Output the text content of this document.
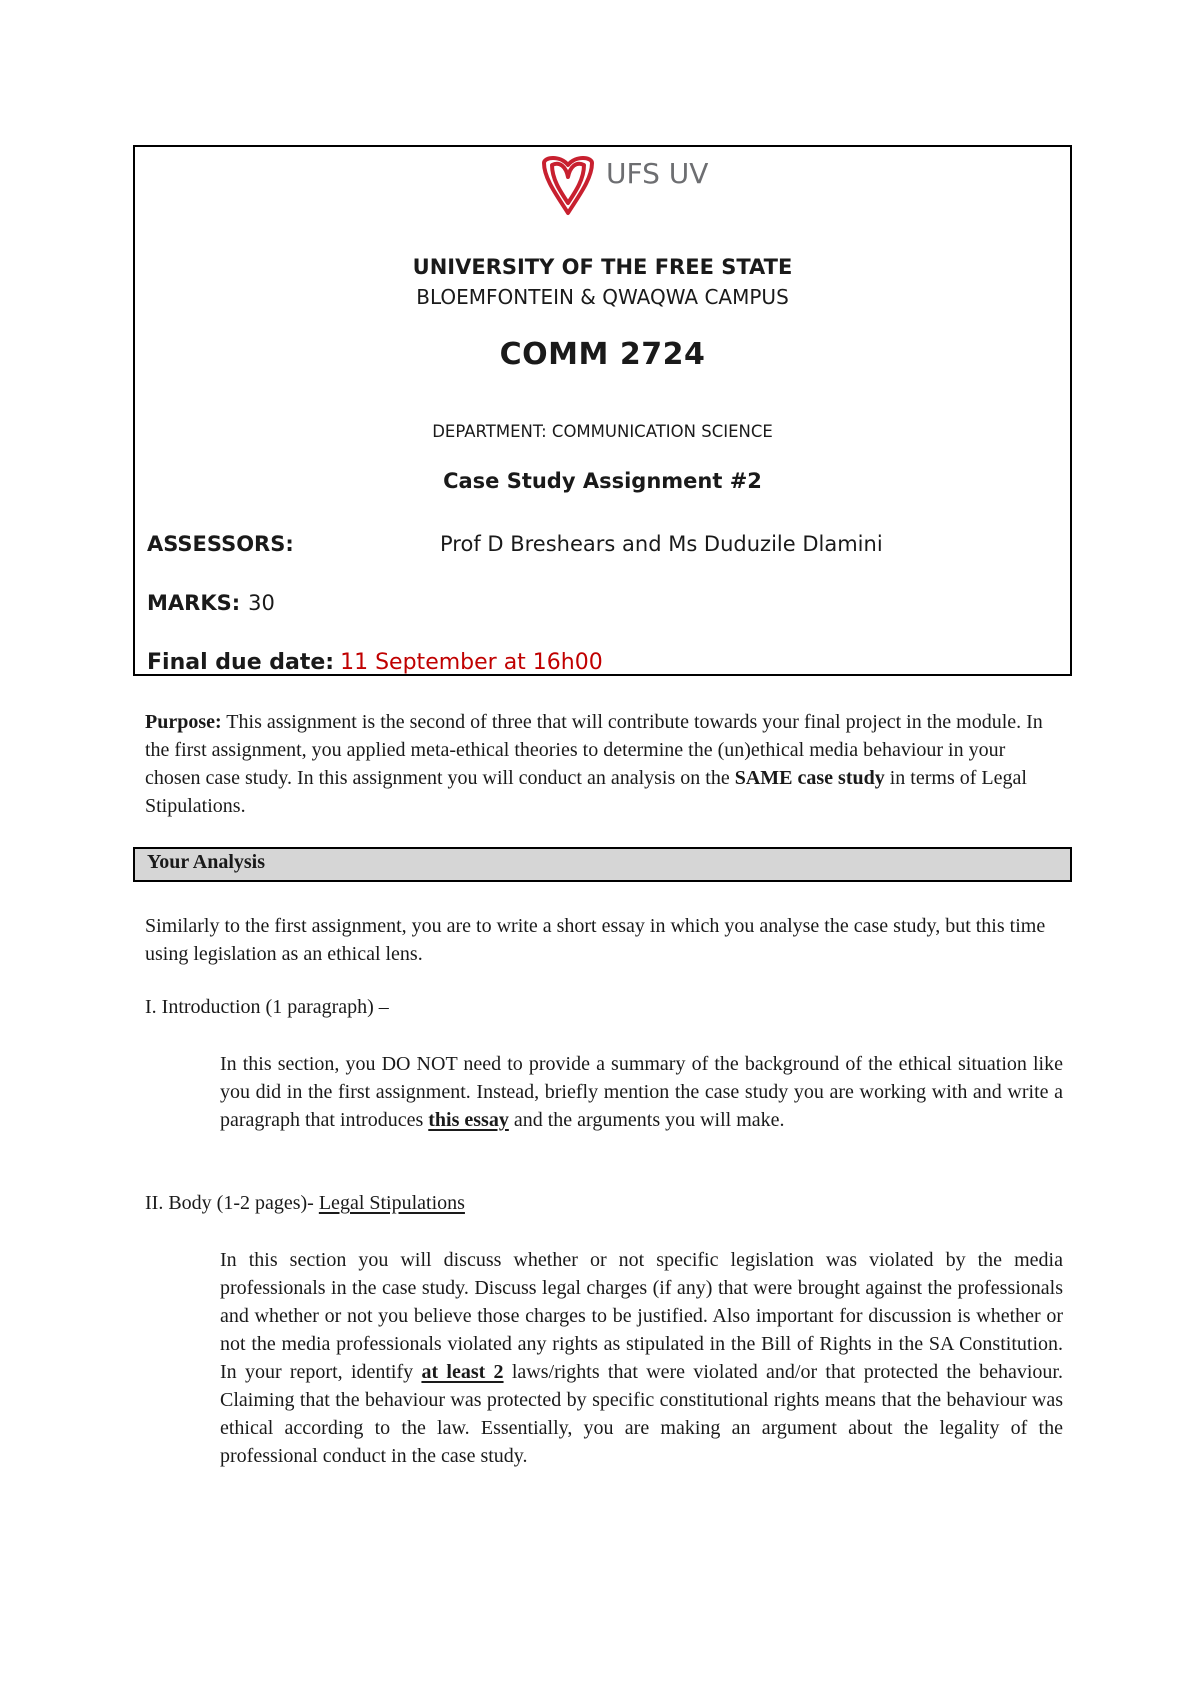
UFS UV
UNIVERSITY OF THE FREE STATE
BLOEMFONTEIN & QWAQWA CAMPUS
COMM 2724
DEPARTMENT: COMMUNICATION SCIENCE
Case Study Assignment #2
ASSESSORS:	Prof D Breshears and Ms Duduzile Dlamini
MARKS: 30
Final due date: 11 September at 16h00
Purpose: This assignment is the second of three that will contribute towards your final project in the module. In the first assignment, you applied meta-ethical theories to determine the (un)ethical media behaviour in your chosen case study. In this assignment you will conduct an analysis on the SAME case study in terms of Legal Stipulations.
Your Analysis
Similarly to the first assignment, you are to write a short essay in which you analyse the case study, but this time using legislation as an ethical lens.
I. Introduction (1 paragraph) –
In this section, you DO NOT need to provide a summary of the background of the ethical situation like you did in the first assignment. Instead, briefly mention the case study you are working with and write a paragraph that introduces this essay and the arguments you will make.
II. Body (1-2 pages)- Legal Stipulations
In this section you will discuss whether or not specific legislation was violated by the media professionals in the case study. Discuss legal charges (if any) that were brought against the professionals and whether or not you believe those charges to be justified. Also important for discussion is whether or not the media professionals violated any rights as stipulated in the Bill of Rights in the SA Constitution. In your report, identify at least 2 laws/rights that were violated and/or that protected the behaviour. Claiming that the behaviour was protected by specific constitutional rights means that the behaviour was ethical according to the law. Essentially, you are making an argument about the legality of the professional conduct in the case study.
